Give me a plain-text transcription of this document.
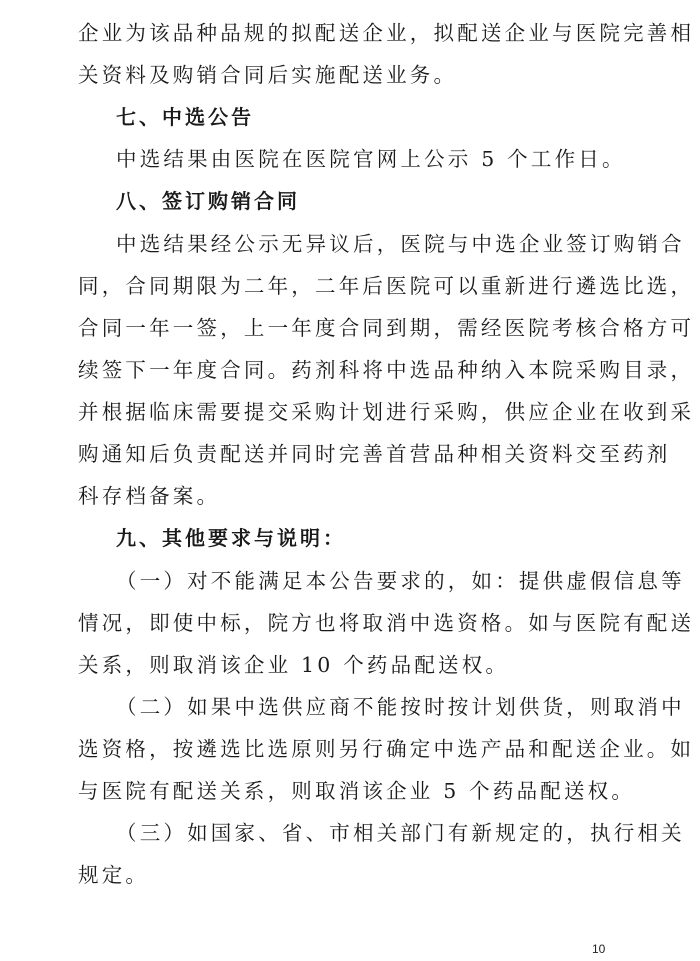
企业为该品种品规的拟配送企业，拟配送企业与医院完善相
关资料及购销合同后实施配送业务。
七、中选公告
中选结果由医院在医院官网上公示 5 个工作日。
八、签订购销合同
中选结果经公示无异议后，医院与中选企业签订购销合
同，合同期限为二年，二年后医院可以重新进行遴选比选，
合同一年一签，上一年度合同到期，需经医院考核合格方可
续签下一年度合同。药剂科将中选品种纳入本院采购目录，
并根据临床需要提交采购计划进行采购，供应企业在收到采
购通知后负责配送并同时完善首营品种相关资料交至药剂
科存档备案。
九、其他要求与说明：
（一）对不能满足本公告要求的，如：提供虚假信息等
情况，即使中标，院方也将取消中选资格。如与医院有配送
关系，则取消该企业 10 个药品配送权。
（二）如果中选供应商不能按时按计划供货，则取消中
选资格，按遴选比选原则另行确定中选产品和配送企业。如
与医院有配送关系，则取消该企业 5 个药品配送权。
（三）如国家、省、市相关部门有新规定的，执行相关
规定。
10
